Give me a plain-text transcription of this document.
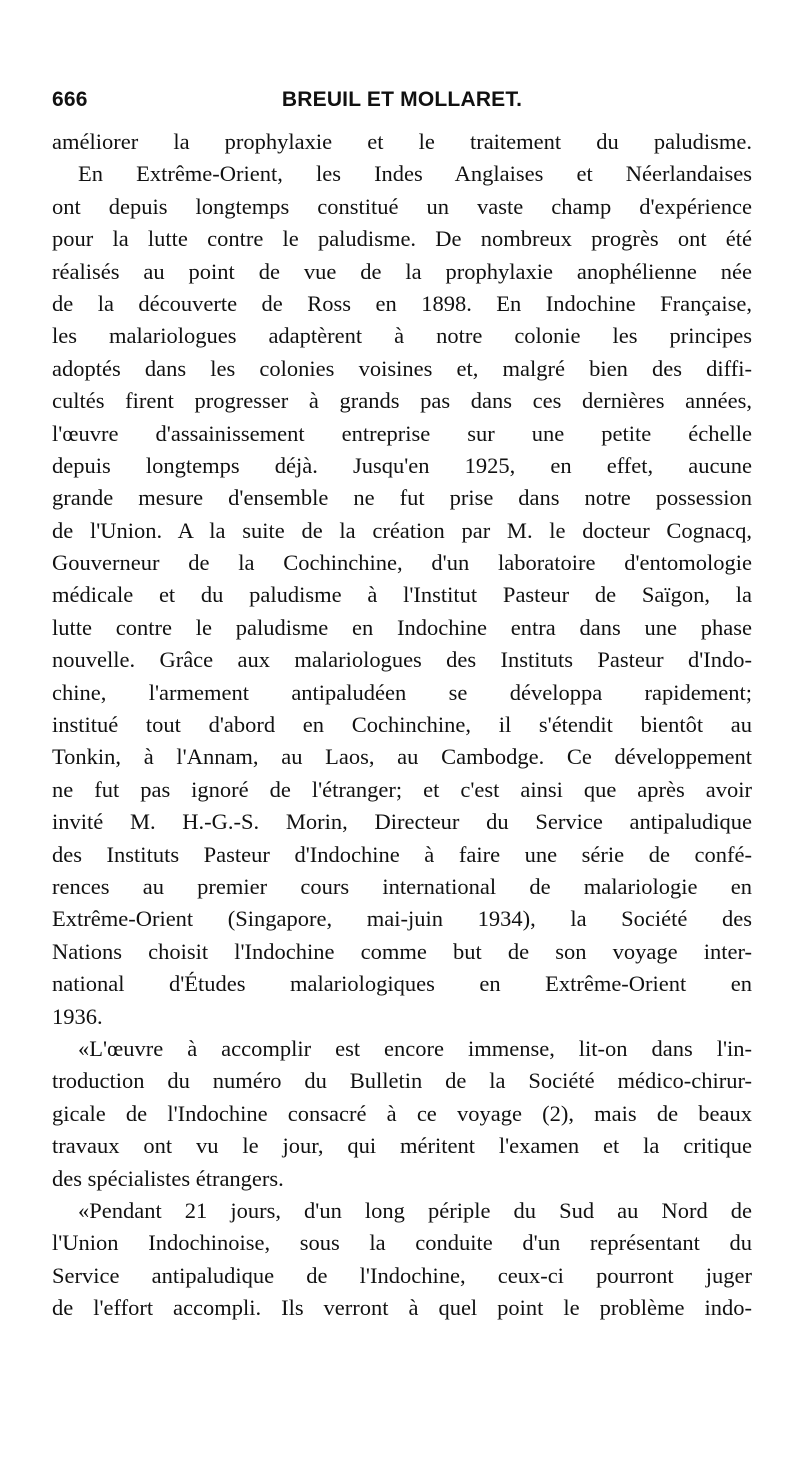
666	BREUIL ET MOLLARET.
améliorer la prophylaxie et le traitement du paludisme.
En Extrême-Orient, les Indes Anglaises et Néerlandaises
ont depuis longtemps constitué un vaste champ d'expérience
pour la lutte contre le paludisme. De nombreux progrès ont été
réalisés au point de vue de la prophylaxie anophélienne née
de la découverte de Ross en 1898. En Indochine Française,
les malariologues adaptèrent à notre colonie les principes
adoptés dans les colonies voisines et, malgré bien des diffi-
cultés firent progresser à grands pas dans ces dernières années,
l'œuvre d'assainissement entreprise sur une petite échelle
depuis longtemps déjà. Jusqu'en 1925, en effet, aucune
grande mesure d'ensemble ne fut prise dans notre possession
de l'Union. A la suite de la création par M. le docteur Cognacq,
Gouverneur de la Cochinchine, d'un laboratoire d'entomologie
médicale et du paludisme à l'Institut Pasteur de Saïgon, la
lutte contre le paludisme en Indochine entra dans une phase
nouvelle. Grâce aux malariologues des Instituts Pasteur d'Indo-
chine, l'armement antipaludéen se développa rapidement;
institué tout d'abord en Cochinchine, il s'étendit bientôt au
Tonkin, à l'Annam, au Laos, au Cambodge. Ce développement
ne fut pas ignoré de l'étranger; et c'est ainsi que après avoir
invité M. H.-G.-S. Morin, Directeur du Service antipaludique
des Instituts Pasteur d'Indochine à faire une série de confé-
rences au premier cours international de malariologie en
Extrême-Orient (Singapore, mai-juin 1934), la Société des
Nations choisit l'Indochine comme but de son voyage inter-
national d'Études malariologiques en Extrême-Orient en
1936.
«L'œuvre à accomplir est encore immense, lit-on dans l'in-
troduction du numéro du Bulletin de la Société médico-chirur-
gicale de l'Indochine consacré à ce voyage (2), mais de beaux
travaux ont vu le jour, qui méritent l'examen et la critique
des spécialistes étrangers.
«Pendant 21 jours, d'un long périple du Sud au Nord de
l'Union Indochinoise, sous la conduite d'un représentant du
Service antipaludique de l'Indochine, ceux-ci pourront juger
de l'effort accompli. Ils verront à quel point le problème indo-
